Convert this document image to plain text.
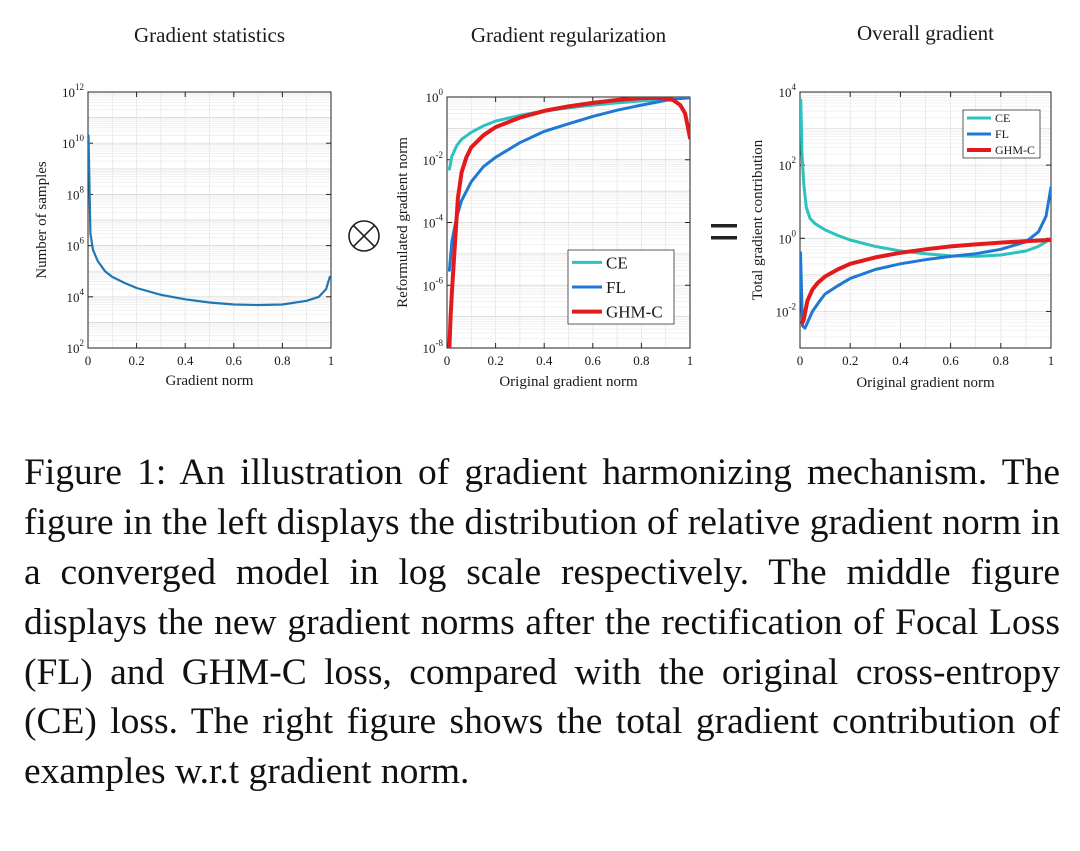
0	0.2 0.4 0.6 0.8	1
$10^2$
$10^4$
$10^6$
$10^8$
$10^{10}$
$10^{12}$
Gradient statistics
Gradient norm
Number of samples
0	0.2 0.4 0.6 0.8	1
$10^{-8}$
$10^{-6}$
$10^{-4}$
$10^{-2}$
$10^0$
Gradient regularization
Original gradient norm
Reformulated gradient norm	CE
FL
GHM-C
0	0.2	0.4	0.6	0.8	1
$10^{-2}$
$10^0$
$10^2$
$10^4$
Overall gradient
Original gradient norm
Total gradient contribution
CE
FL
GHM-C

Figure 1: An illustration of gradient harmonizing mechanism. The figure in the left displays the distribution of relative gradient norm in a converged model in log scale respectively. The middle figure displays the new gradient norms after the rectification of Focal Loss (FL) and GHM-C loss, compared with the original cross-entropy (CE) loss. The right figure shows the total gradient contribution of examples w.r.t gradient norm.
